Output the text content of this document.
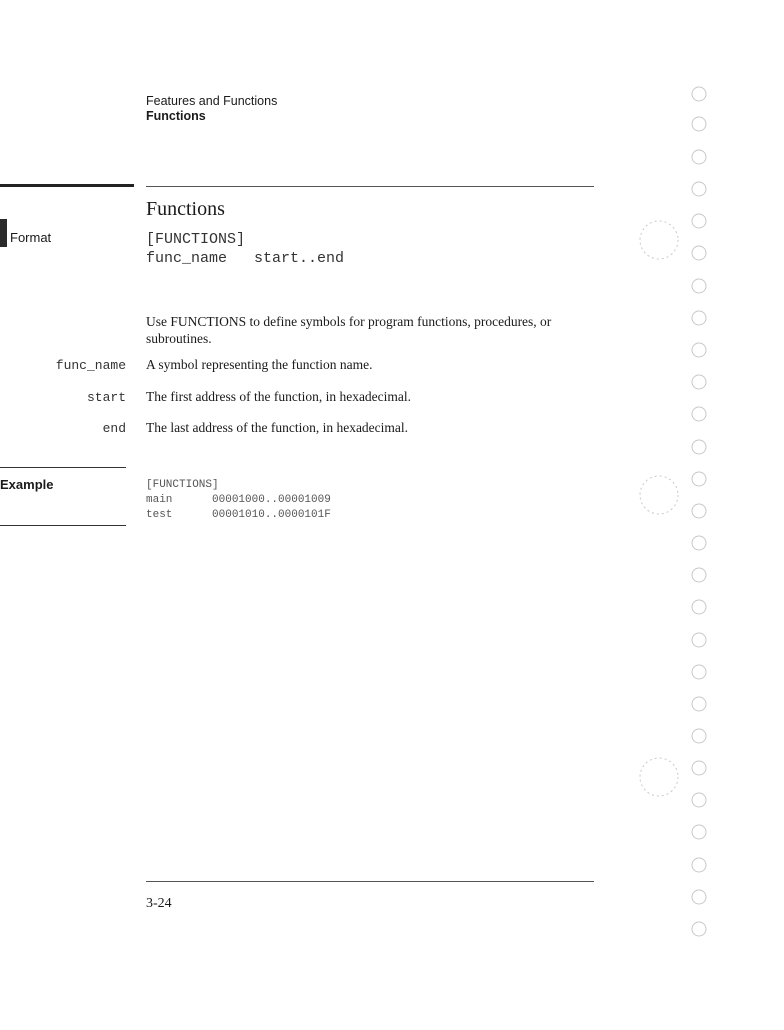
Features and Functions
Functions
Functions
Format	[FUNCTIONS]
func_name   start..end
Use FUNCTIONS to define symbols for program functions, procedures, or subroutines.
func_name A symbol representing the function name.
start The first address of the function, in hexadecimal.
end The last address of the function, in hexadecimal.
Example	[FUNCTIONS]
main      00001000..00001009
test      00001010..0000101F
3-24
